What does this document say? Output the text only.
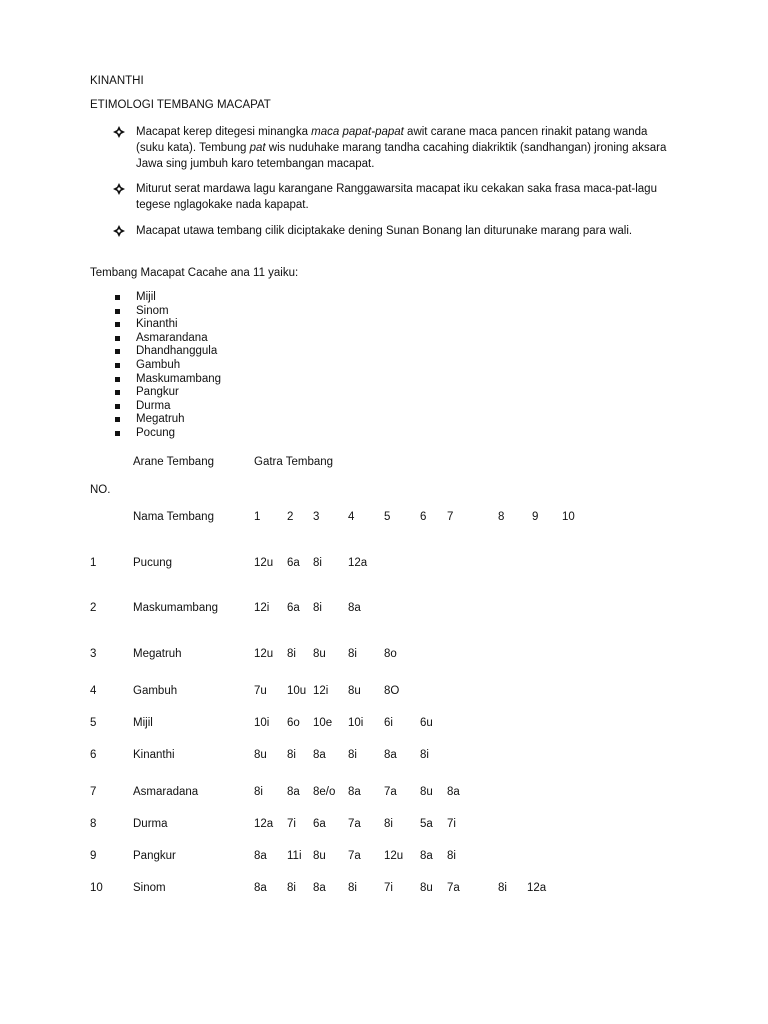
KINANTHI
ETIMOLOGI TEMBANG MACAPAT
Macapat kerep ditegesi minangka maca papat-papat awit carane maca pancen rinakit patang wanda (suku kata). Tembung pat wis nuduhake marang tandha cacahing diakriktik (sandhangan) jroning aksara Jawa sing jumbuh karo tetembangan macapat.
Miturut serat mardawa lagu karangane Ranggawarsita macapat iku cekakan saka frasa maca-pat-lagu tegese nglagokake nada kapapat.
Macapat utawa tembang cilik diciptakake dening Sunan Bonang lan diturunake marang para wali.
Tembang Macapat Cacahe ana 11 yaiku:
Mijil
Sinom
Kinanthi
Asmarandana
Dhandhanggula
Gambuh
Maskumambang
Pangkur
Durma
Megatruh
Pocung
Arane Tembang	Gatra Tembang
NO.
Nama Tembang	1 2 3 4	5	6 7	8 9 10
1	Pucung	12u 6a 8i 12a
2	Maskumambang	12i 6a 8i 8a
3	Megatruh	12u 8i 8u 8i 8o
4	Gambuh	7u 10u 12i 8u 8O
5	Mijil	10i 6o 10e 10i 6i 6u
6	Kinanthi	8u 8i 8a 8i 8a 8i
7	Asmaradana	8i 8a 8e/o 8a 7a 8u 8a
8	Durma	12a 7i 6a 7a 8i 5a 7i
9	Pangkur	8a 11i 8u 7a 12u 8a 8i
10	Sinom	8a 8i 8a 8i 7i 8u 7a	8i 12a
